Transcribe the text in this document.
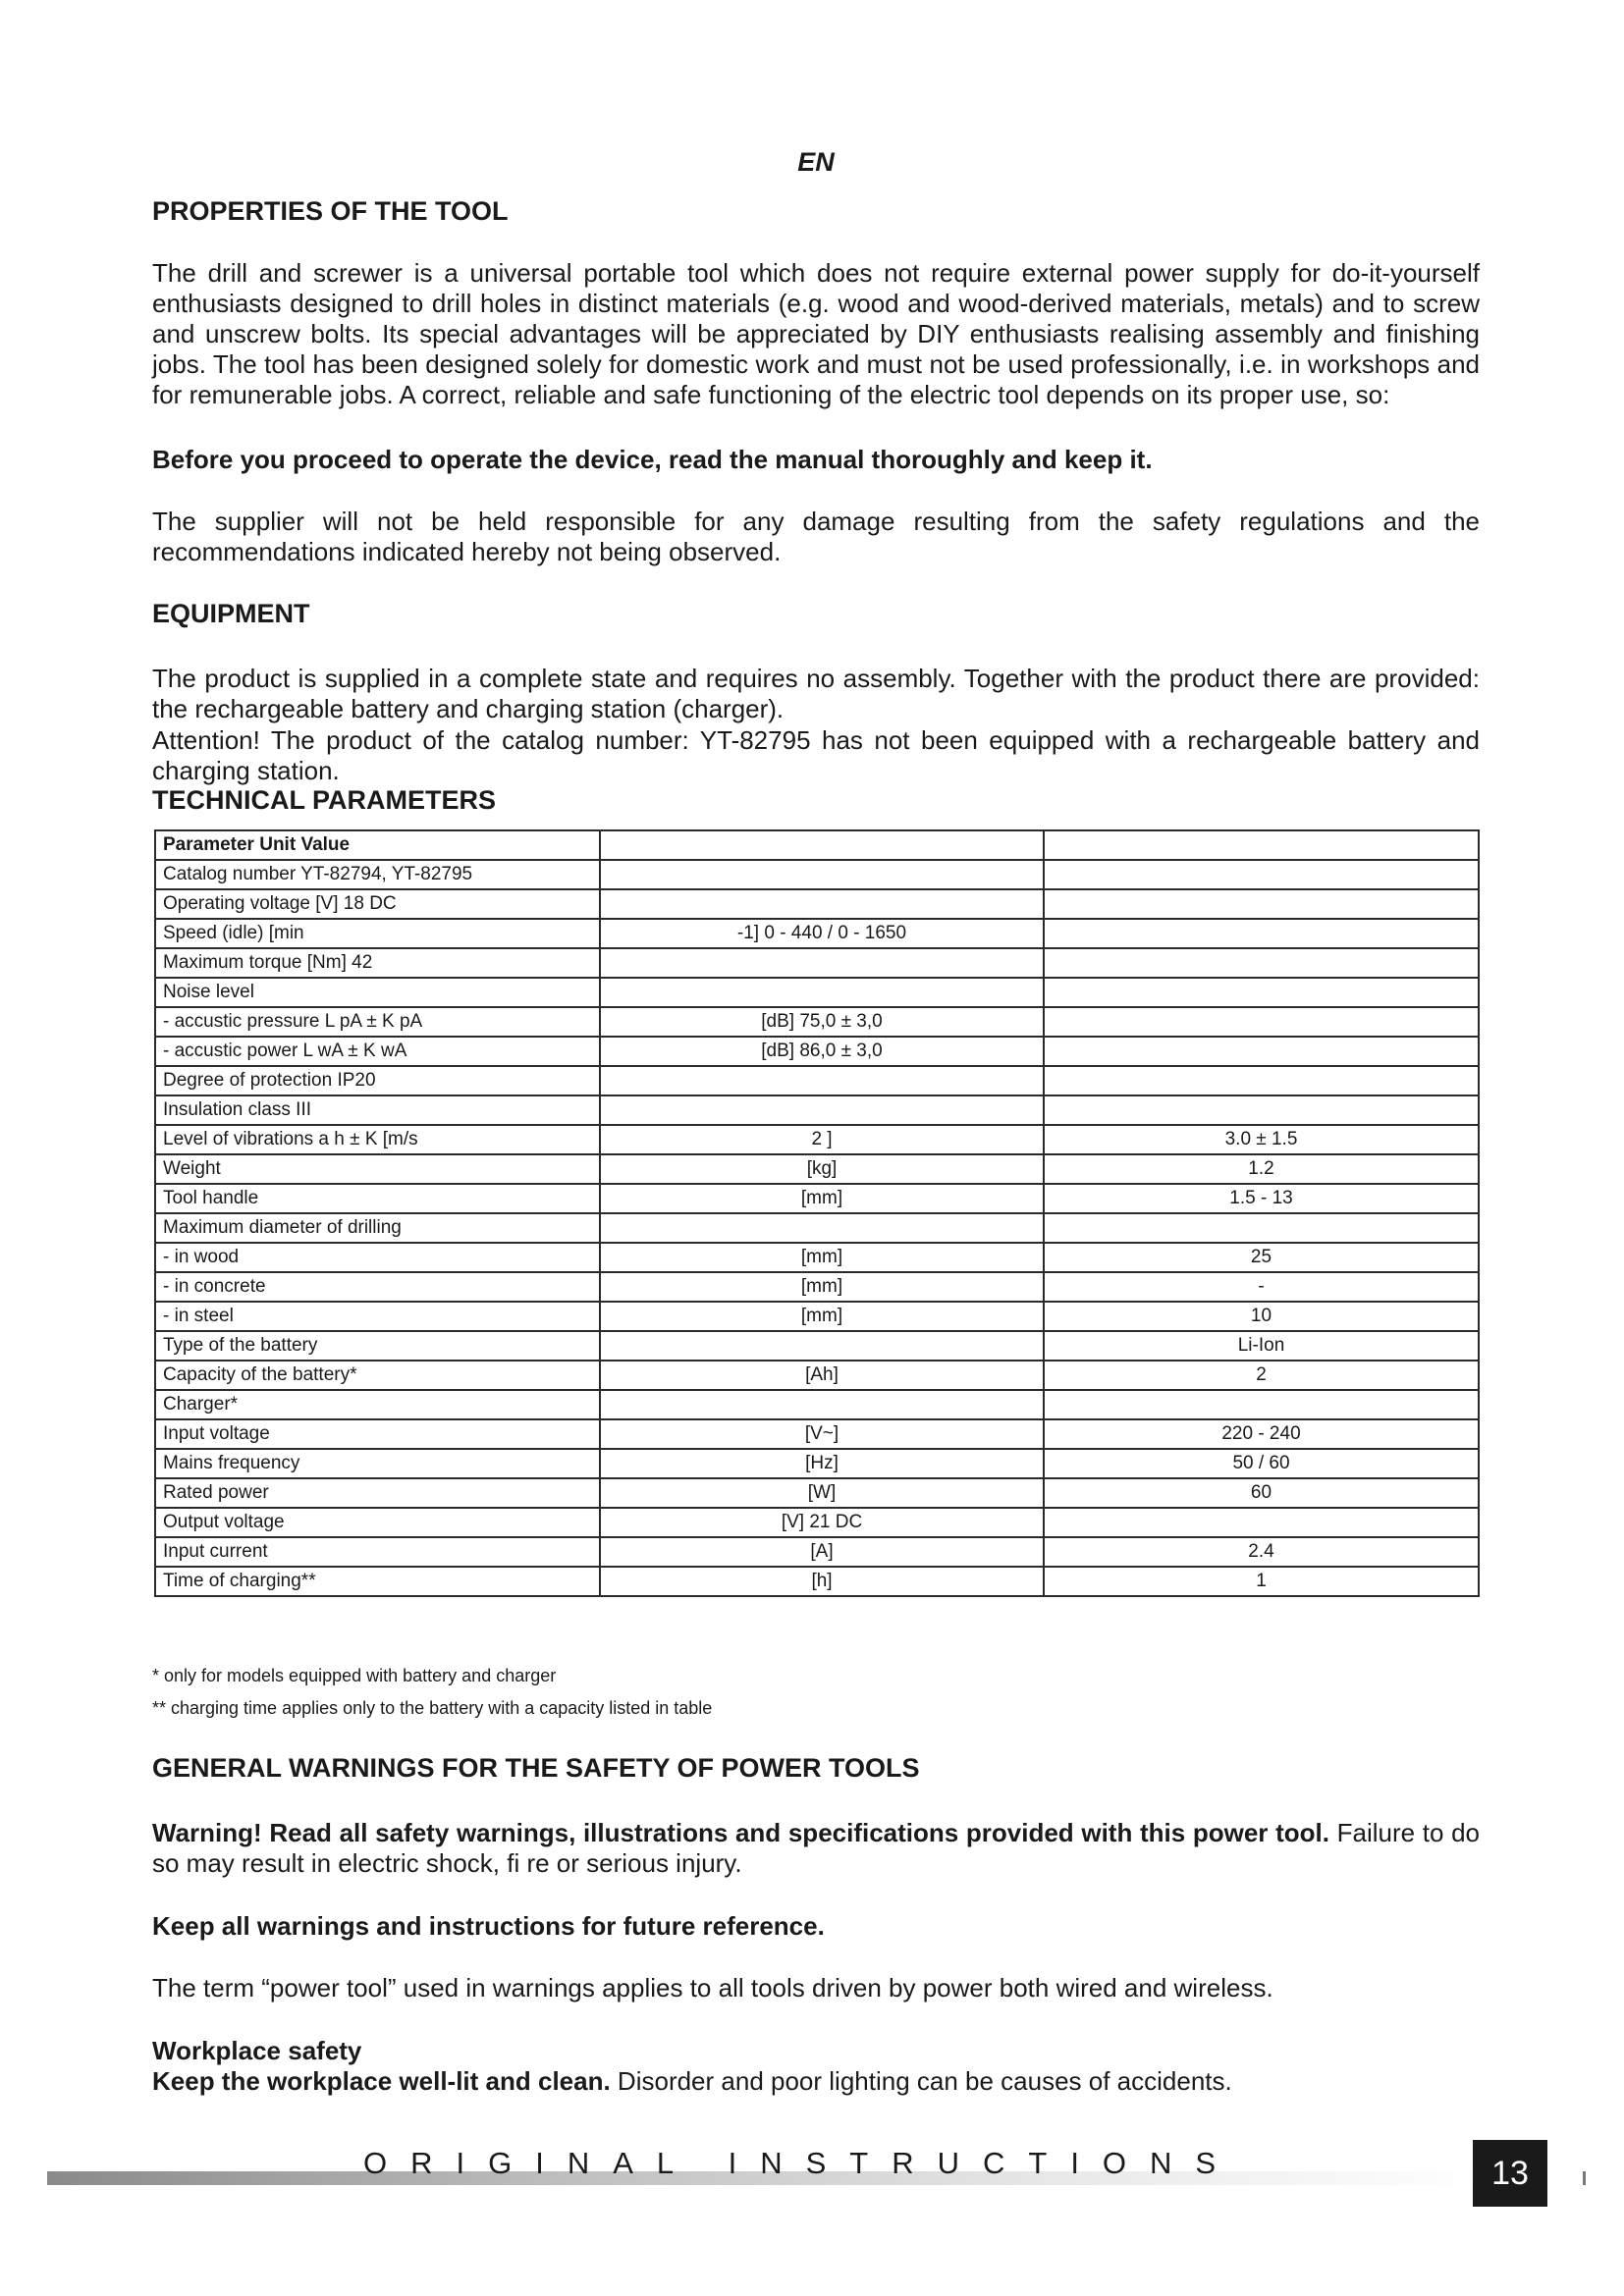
EN
PROPERTIES OF THE TOOL

The drill and screwer is a universal portable tool which does not require external power supply for do-it-yourself enthusiasts designed to drill holes in distinct materials (e.g. wood and wood-derived materials, metals) and to screw and unscrew bolts. Its special advantages will be appreciated by DIY enthusiasts realising assembly and finishing jobs. The tool has been designed solely for domestic work and must not be used professionally, i.e. in workshops and for remunerable jobs. A correct, reliable and safe functioning of the electric tool depends on its proper use, so:

Before you proceed to operate the device, read the manual thoroughly and keep it.

The supplier will not be held responsible for any damage resulting from the safety regulations and the recommendations indicated hereby not being observed.

EQUIPMENT

The product is supplied in a complete state and requires no assembly. Together with the product there are provided: the rechargeable battery and charging station (charger).

Attention! The product of the catalog number: YT-82795 has not been equipped with a rechargeable battery and charging station.

TECHNICAL PARAMETERS
Parameter Unit Value		
Catalog number YT-82794, YT-82795		
Operating voltage [V] 18 DC		
Speed (idle) [min	-1] 0 - 440 / 0 - 1650	
Maximum torque [Nm] 42		
Noise level		
- accustic pressure L pA ± K pA	[dB] 75,0 ± 3,0	
- accustic power L wA ± K wA	[dB] 86,0 ± 3,0	
Degree of protection IP20		
Insulation class III		
Level of vibrations a h ± K [m/s	2 ]	3.0 ± 1.5
Weight	[kg]	1.2
Tool handle	[mm]	1.5 - 13
Maximum diameter of drilling		
- in wood	[mm]	25
- in concrete	[mm]	-
- in steel	[mm]	10
Type of the battery		Li-Ion
Capacity of the battery*	[Ah]	2
Charger*		
Input voltage	[V~]	220 - 240
Mains frequency	[Hz]	50 / 60
Rated power	[W]	60
Output voltage	[V] 21 DC	
Input current	[A]	2.4
Time of charging**	[h]	1
* only for models equipped with battery and charger
** charging time applies only to the battery with a capacity listed in table
GENERAL WARNINGS FOR THE SAFETY OF POWER TOOLS

Warning! Read all safety warnings, illustrations and specifications provided with this power tool. Failure to do so may result in electric shock, fi re or serious injury.

Keep all warnings and instructions for future reference.

The term “power tool” used in warnings applies to all tools driven by power both wired and wireless.

Workplace safety

Keep the workplace well-lit and clean. Disorder and poor lighting can be causes of accidents.

ORIGINAL INSTRUCTIONS	13
